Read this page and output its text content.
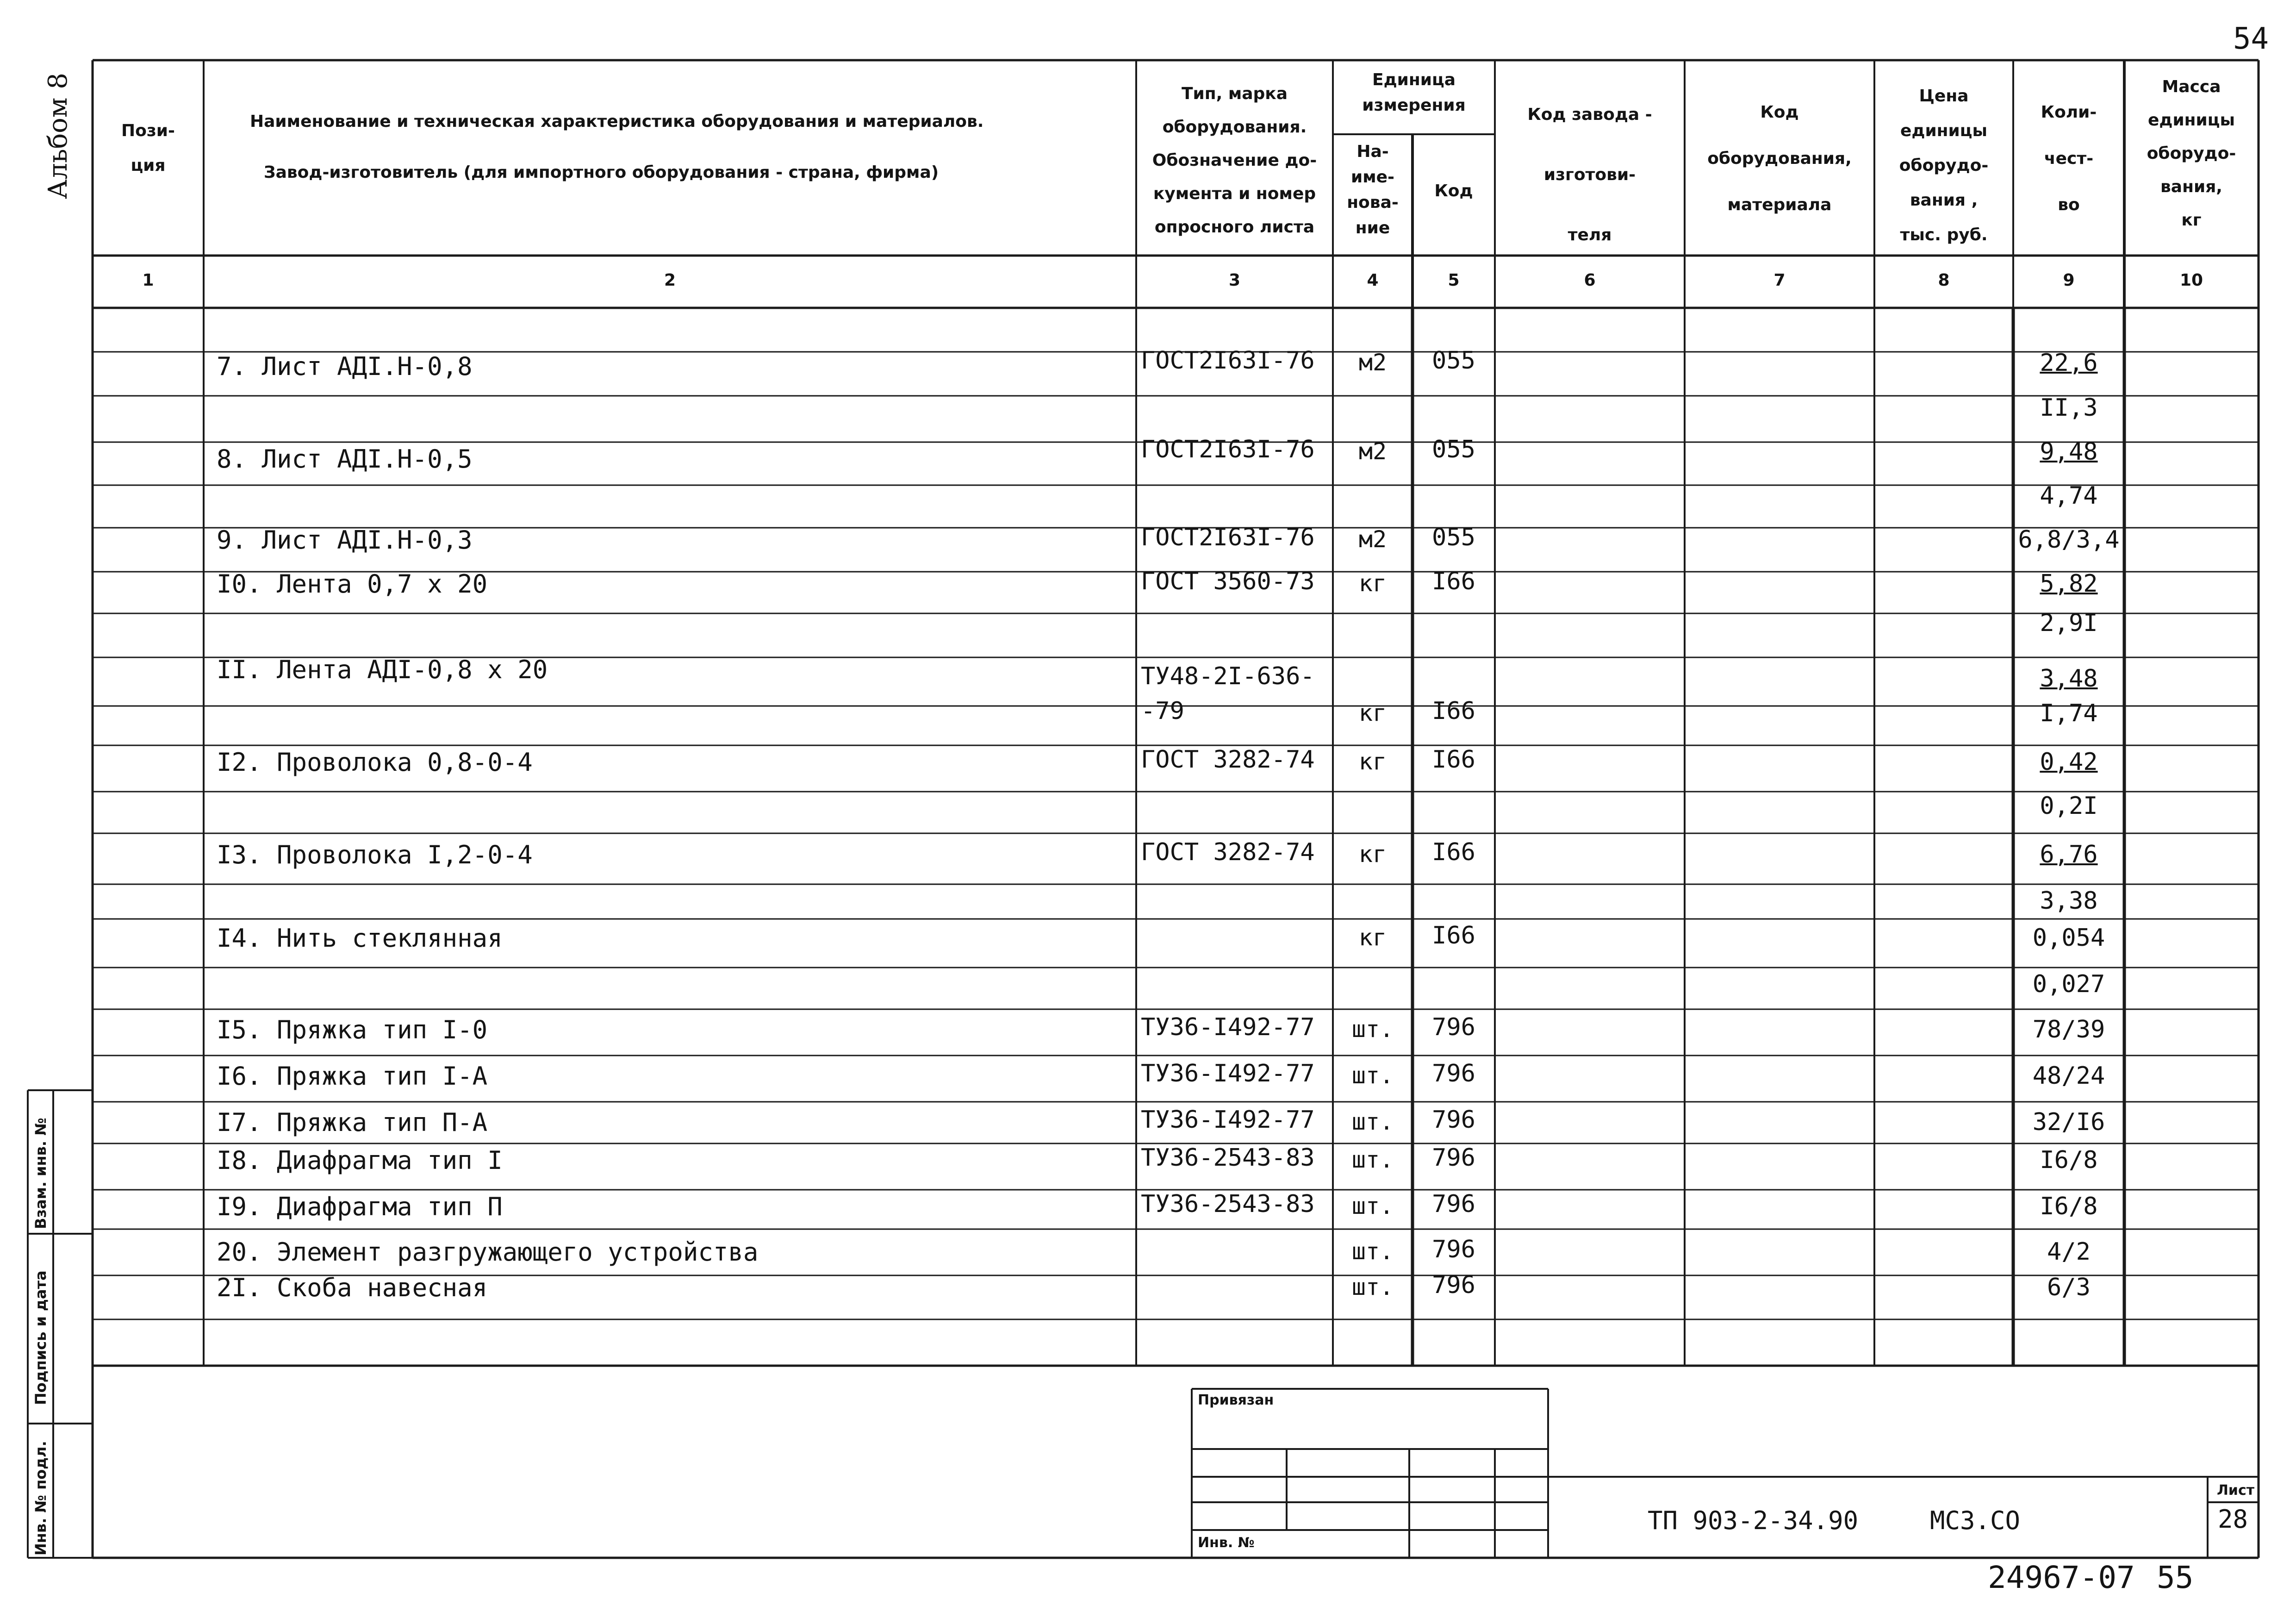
54
Альбом 8	Пози-
ция
Наименование и техническая характеристика оборудования и материалов.
Завод-изготовитель (для импортного оборудования - страна, фирма)
Тип, марка
оборудования.
Обозначение до-
кумента и номер
опросного листа
Единица
измерения
На-
име-
нова-
ние
Код
Код завода -
изготови-
теля
Код
оборудования,
материала
Цена
единицы
оборудо-
вания ,
тыс. руб.
Коли-
чест-
во
Масса
единицы
оборудо-
вания,
кг
1	2	3	4	5	6	7	8	9	10
7. Лист АДI.Н-0,8	ГОСТ2I63I-76	м2	055	22,6
II,3
8. Лист АДI.Н-0,5	ГОСТ2I63I-76	м2	055	9,48
4,74
9. Лист АДI.Н-0,3	ГОСТ2I63I-76	м2	055	6,8/3,4
I0. Лента 0,7 х 20	ГОСТ 3560-73	кг	I66	5,82
2,9I
II. Лента АДI-0,8 х 20	ТУ48-2I-636-	3,48
-79	кг	I66	I,74
I2. Проволока 0,8-0-4	ГОСТ 3282-74	кг	I66	0,42
0,2I
I3. Проволока I,2-0-4	ГОСТ 3282-74	кг	I66	6,76
3,38
I4. Нить стеклянная	кг	I66	0,054
0,027
I5. Пряжка тип I-0	ТУ36-I492-77	шт.	796	78/39
I6. Пряжка тип I-А	ТУ36-I492-77	шт.	796	48/24
I7. Пряжка тип П-А	ТУ36-I492-77	шт.	796	32/I6
I8. Диафрагма тип I	ТУ36-2543-83	шт.	796	I6/8
I9. Диафрагма тип П	ТУ36-2543-83	шт.	796	I6/8
20. Элемент разгружающего устройства	шт.	796	4/2
2I. Скоба навесная	шт.	796	6/3
Взам. инв. №
Подпись и дата
Инв. № подл.
Привязан
Инв. №
ТП 903-2-34.90	МСЗ.СО
Лист
28
24967-07 55
